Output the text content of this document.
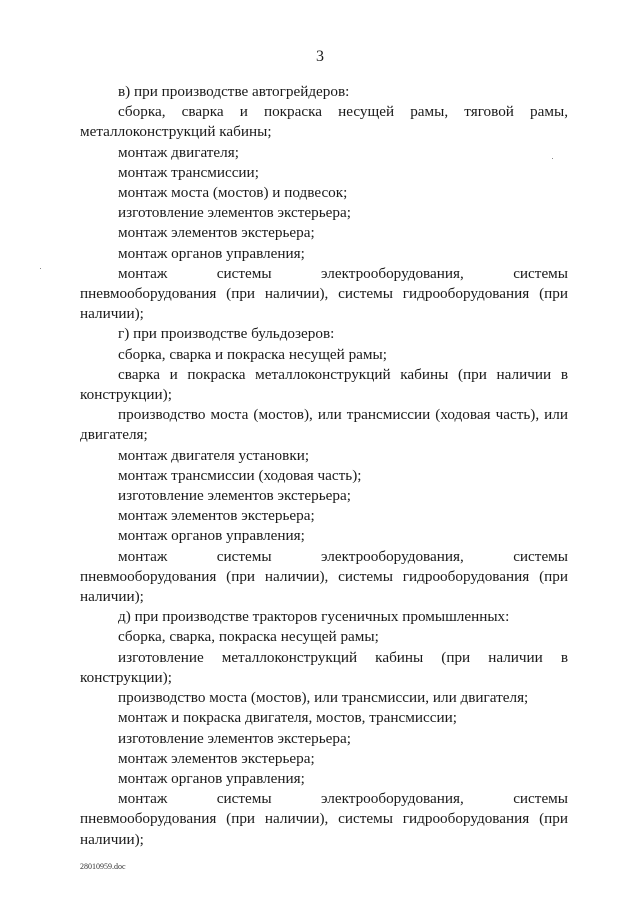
3

в) при производстве автогрейдеров:

сборка, сварка и покраска несущей рамы, тяговой рамы, металлоконструкций кабины;

монтаж двигателя;

монтаж трансмиссии;

монтаж моста (мостов) и подвесок;

изготовление элементов экстерьера;

монтаж элементов экстерьера;

монтаж органов управления;

монтаж системы электрооборудования, системы пневмооборудования (при наличии), системы гидрооборудования (при наличии);

г) при производстве бульдозеров:

сборка, сварка и покраска несущей рамы;

сварка и покраска металлоконструкций кабины (при наличии в конструкции);

производство моста (мостов), или трансмиссии (ходовая часть), или двигателя;

монтаж двигателя установки;

монтаж трансмиссии (ходовая часть);

изготовление элементов экстерьера;

монтаж элементов экстерьера;

монтаж органов управления;

монтаж системы электрооборудования, системы пневмооборудования (при наличии), системы гидрооборудования (при наличии);

д) при производстве тракторов гусеничных промышленных:

сборка, сварка, покраска несущей рамы;

изготовление металлоконструкций кабины (при наличии в конструкции);

производство моста (мостов), или трансмиссии, или двигателя;

монтаж и покраска двигателя, мостов, трансмиссии;

изготовление элементов экстерьера;

монтаж элементов экстерьера;

монтаж органов управления;

монтаж системы электрооборудования, системы пневмооборудования (при наличии), системы гидрооборудования (при наличии);

28010959.doc
